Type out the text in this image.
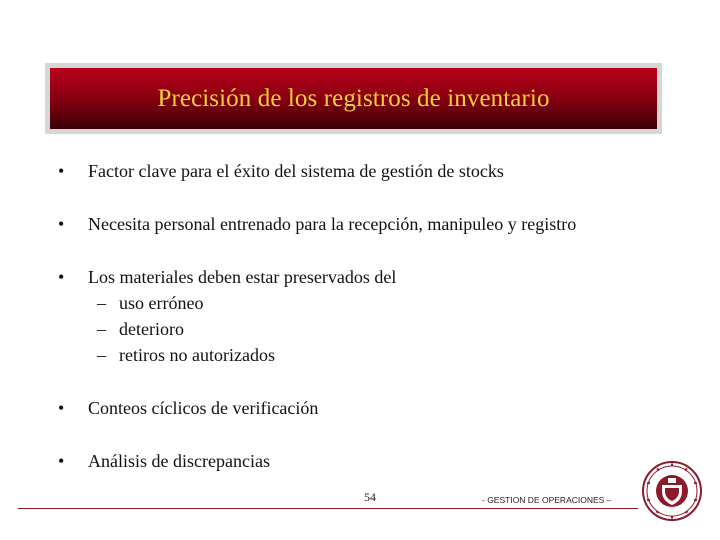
Precisión de los registros de inventario
• Factor clave para el éxito del sistema de gestión de stocks
• Necesita personal entrenado para la recepción, manipuleo y registro
• Los materiales deben estar preservados del
– uso erróneo
– deterioro
– retiros no autorizados
• Conteos cíclicos de verificación
• Análisis de discrepancias
54	- GESTION DE OPERACIONES –
